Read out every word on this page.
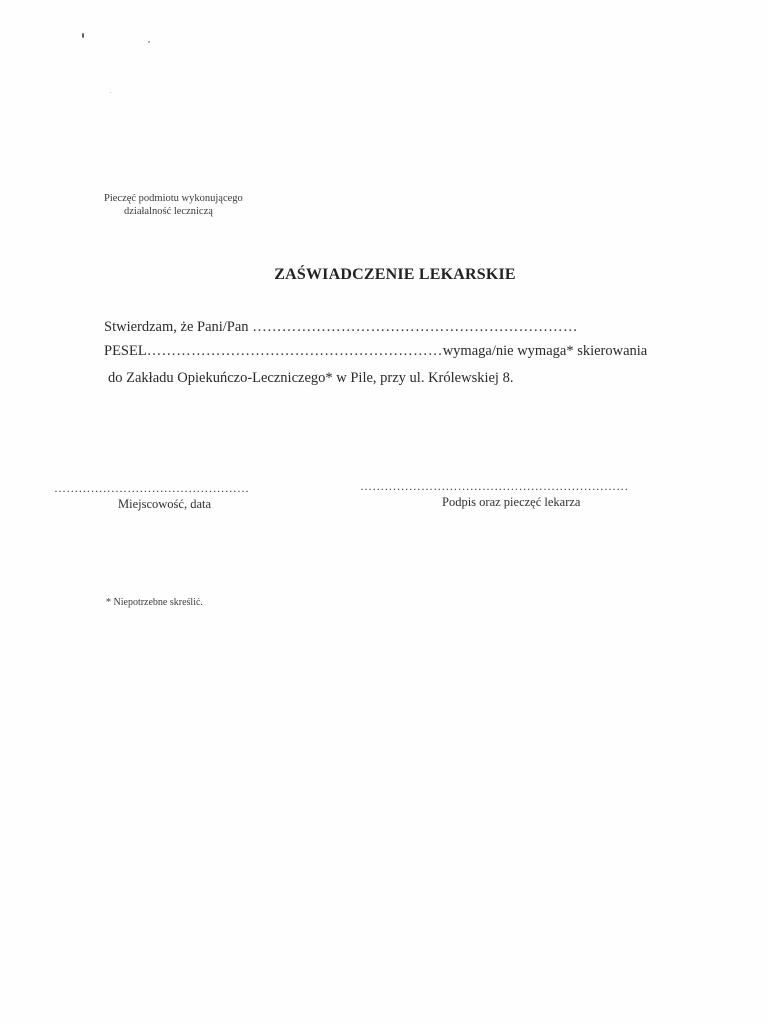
Pieczęć podmiotu wykonującego
działalność leczniczą
ZAŚWIADCZENIE LEKARSKIE
Stwierdzam, że Pani/Pan …………………………………………………………
PESEL……………………………………………………wymaga/nie wymaga* skierowania
do Zakładu Opiekuńczo-Leczniczego* w Pile, przy ul. Królewskiej 8.
…………………………………………	…………………………………………………………
Miejscowość, data	Podpis oraz pieczęć lekarza
* Niepotrzebne skreślić.
